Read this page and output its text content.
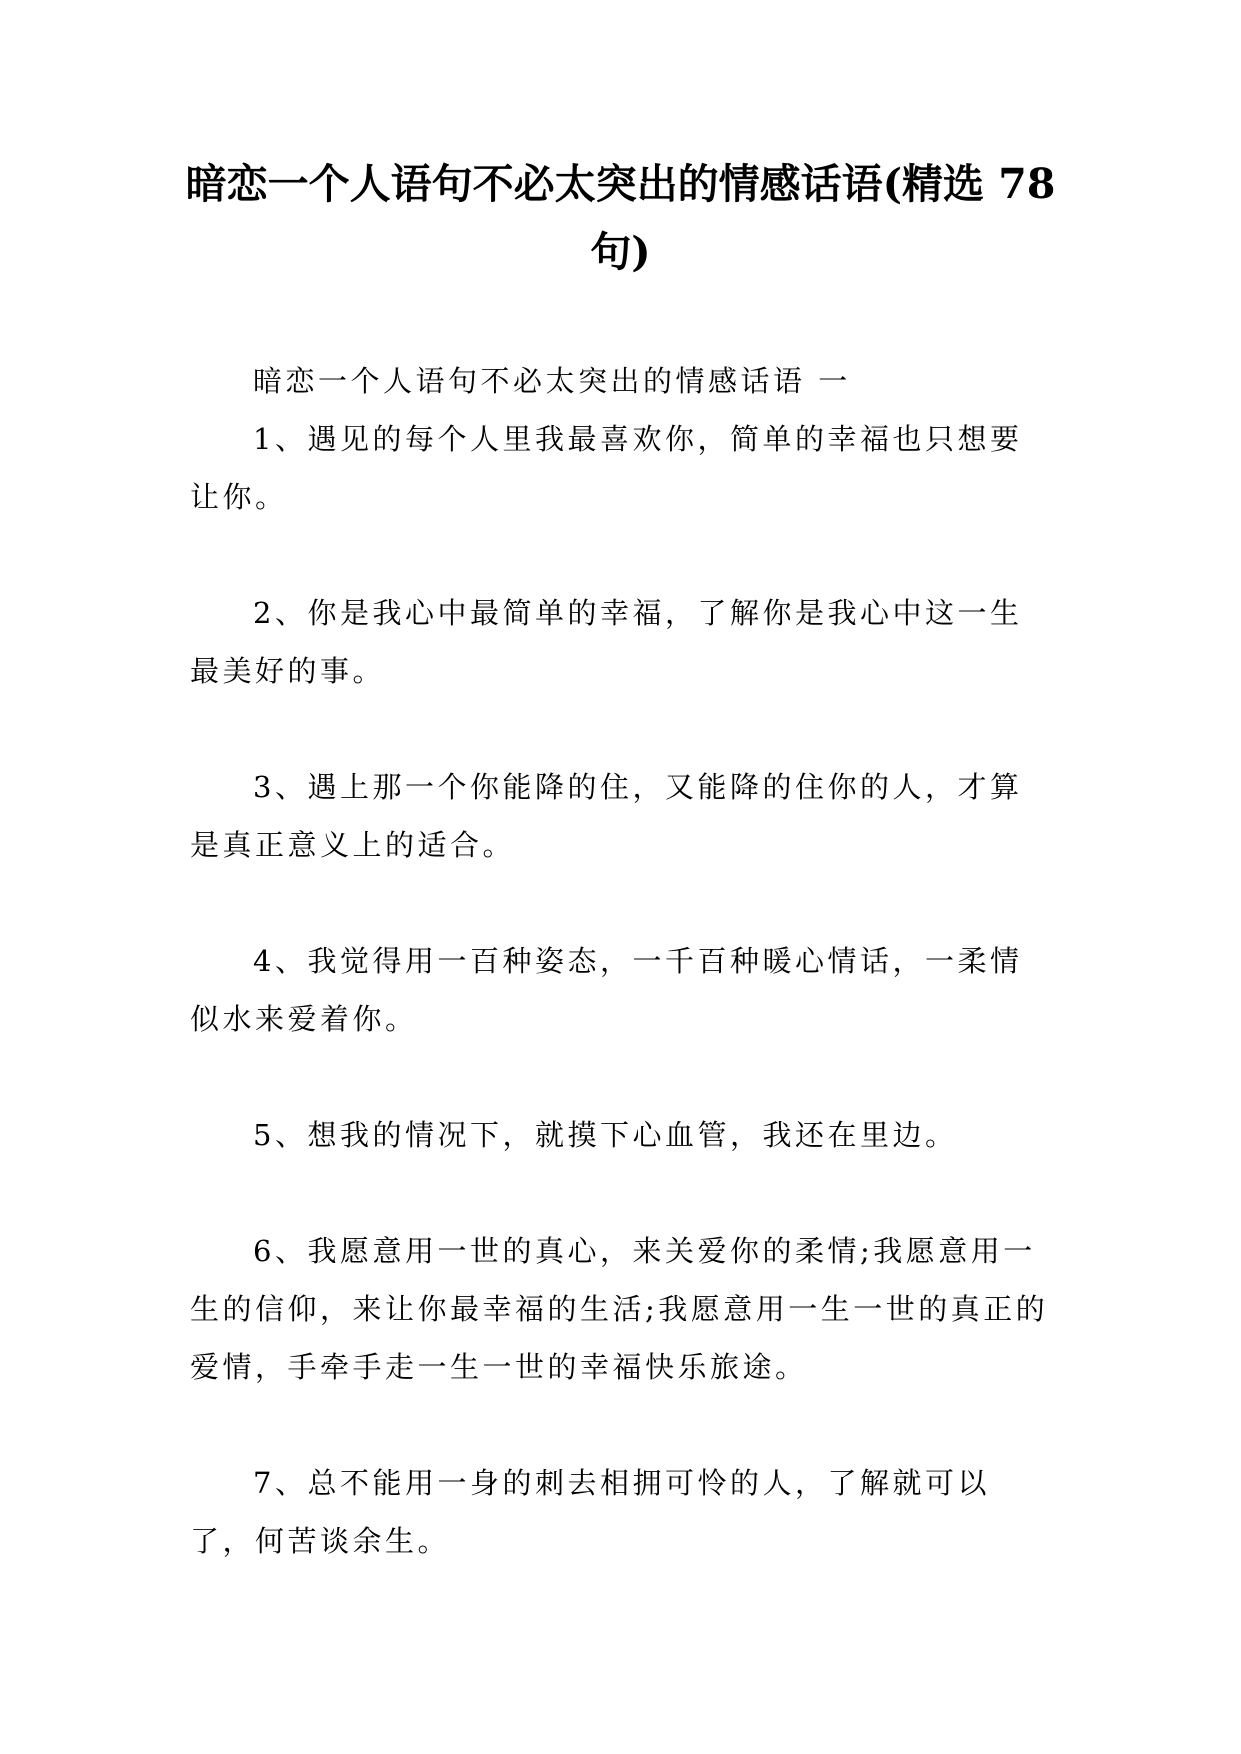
暗恋一个人语句不必太突出的情感话语(精选 78 句)

暗恋一个人语句不必太突出的情感话语 一

1、遇见的每个人里我最喜欢你，简单的幸福也只想要让你。

2、你是我心中最简单的幸福，了解你是我心中这一生最美好的事。

3、遇上那一个你能降的住，又能降的住你的人，才算是真正意义上的适合。

4、我觉得用一百种姿态，一千百种暖心情话，一柔情似水来爱着你。

5、想我的情况下，就摸下心血管，我还在里边。

6、我愿意用一世的真心，来关爱你的柔情;我愿意用一生的信仰，来让你最幸福的生活;我愿意用一生一世的真正的爱情，手牵手走一生一世的幸福快乐旅途。

7、总不能用一身的刺去相拥可怜的人，了解就可以了，何苦谈余生。
